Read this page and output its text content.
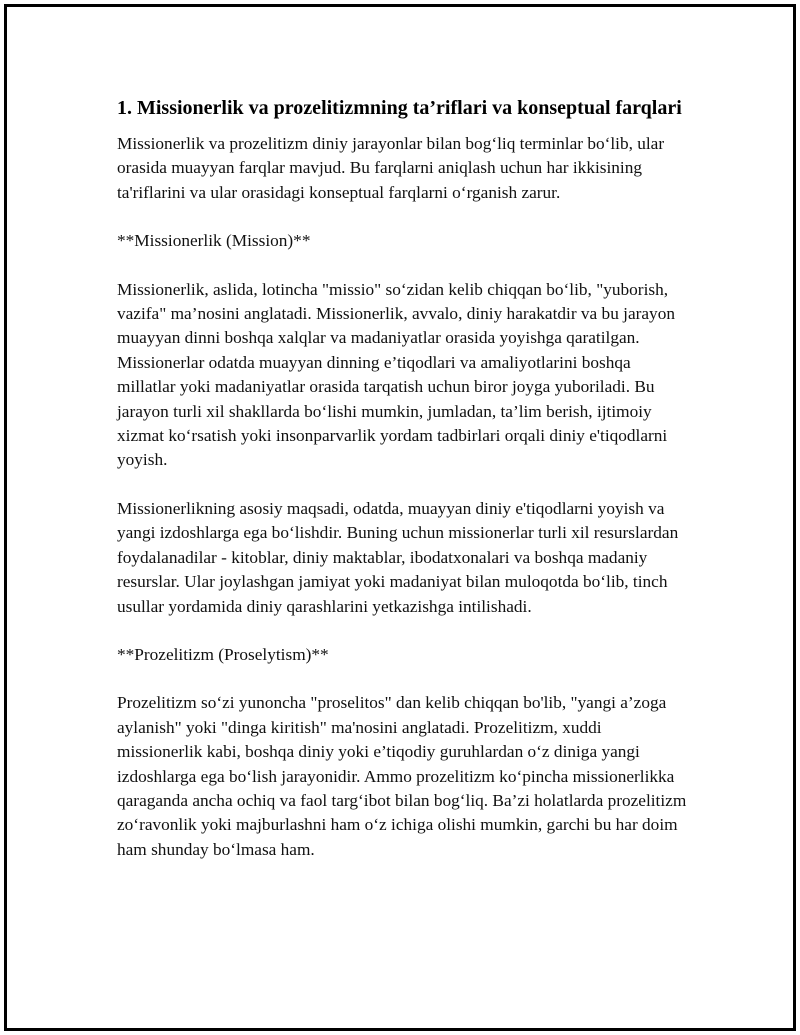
1. Missionerlik va prozelitizmning ta’riflari va konseptual farqlari

Missionerlik va prozelitizm diniy jarayonlar bilan bog‘liq terminlar bo‘lib, ular orasida muayyan farqlar mavjud. Bu farqlarni aniqlash uchun har ikkisining ta'riflarini va ular orasidagi konseptual farqlarni o‘rganish zarur.

**Missionerlik (Mission)**

Missionerlik, aslida, lotincha "missio" so‘zidan kelib chiqqan bo‘lib, "yuborish, vazifa" ma’nosini anglatadi. Missionerlik, avvalo, diniy harakatdir va bu jarayon muayyan dinni boshqa xalqlar va madaniyatlar orasida yoyishga qaratilgan. Missionerlar odatda muayyan dinning e’tiqodlari va amaliyotlarini boshqa millatlar yoki madaniyatlar orasida tarqatish uchun biror joyga yuboriladi. Bu jarayon turli xil shakllarda bo‘lishi mumkin, jumladan, ta’lim berish, ijtimoiy xizmat ko‘rsatish yoki insonparvarlik yordam tadbirlari orqali diniy e'tiqodlarni yoyish.

Missionerlikning asosiy maqsadi, odatda, muayyan diniy e'tiqodlarni yoyish va yangi izdoshlarga ega bo‘lishdir. Buning uchun missionerlar turli xil resurslardan foydalanadilar - kitoblar, diniy maktablar, ibodatxonalari va boshqa madaniy resurslar. Ular joylashgan jamiyat yoki madaniyat bilan muloqotda bo‘lib, tinch usullar yordamida diniy qarashlarini yetkazishga intilishadi.

**Prozelitizm (Proselytism)**

Prozelitizm so‘zi yunoncha "proselitos" dan kelib chiqqan bo'lib, "yangi a’zoga aylanish" yoki "dinga kiritish" ma'nosini anglatadi. Prozelitizm, xuddi missionerlik kabi, boshqa diniy yoki e’tiqodiy guruhlardan o‘z diniga yangi izdoshlarga ega bo‘lish jarayonidir. Ammo prozelitizm ko‘pincha missionerlikka qaraganda ancha ochiq va faol targ‘ibot bilan bog‘liq. Ba’zi holatlarda prozelitizm zo‘ravonlik yoki majburlashni ham o‘z ichiga olishi mumkin, garchi bu har doim ham shunday bo‘lmasa ham.
